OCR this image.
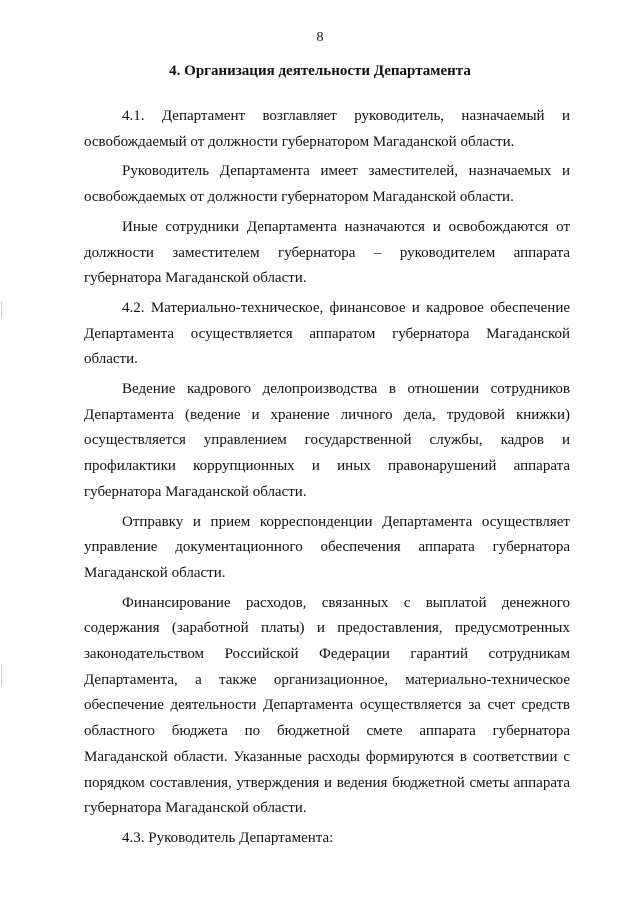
8
4. Организация деятельности Департамента

4.1. Департамент возглавляет руководитель, назначаемый и освобождаемый от должности губернатором Магаданской области.

Руководитель Департамента имеет заместителей, назначаемых и освобождаемых от должности губернатором Магаданской области.

Иные сотрудники Департамента назначаются и освобождаются от должности заместителем губернатора – руководителем аппарата губернатора Магаданской области.

4.2. Материально-техническое, финансовое и кадровое обеспечение Департамента осуществляется аппаратом губернатора Магаданской области.

Ведение кадрового делопроизводства в отношении сотрудников Департамента (ведение и хранение личного дела, трудовой книжки) осуществляется управлением государственной службы, кадров и профилактики коррупционных и иных правонарушений аппарата губернатора Магаданской области.

Отправку и прием корреспонденции Департамента осуществляет управление документационного обеспечения аппарата губернатора Магаданской области.

Финансирование расходов, связанных с выплатой денежного содержания (заработной платы) и предоставления, предусмотренных законодательством Российской Федерации гарантий сотрудникам Департамента, а также организационное, материально-техническое обеспечение деятельности Департамента осуществляется за счет средств областного бюджета по бюджетной смете аппарата губернатора Магаданской области. Указанные расходы формируются в соответствии с порядком составления, утверждения и ведения бюджетной сметы аппарата губернатора Магаданской области.

4.3. Руководитель Департамента:
